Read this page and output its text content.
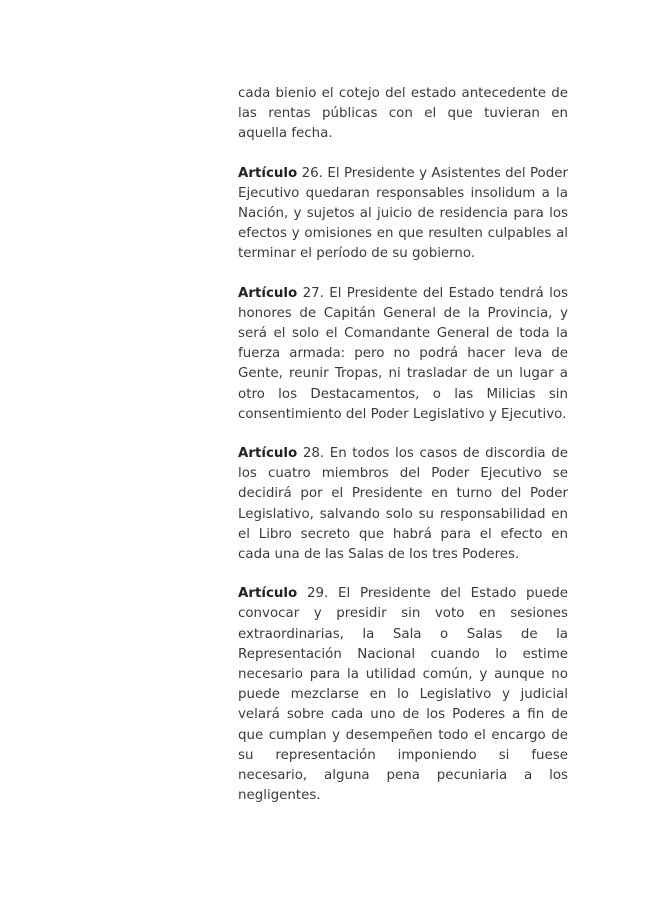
cada bienio el cotejo del estado antecedente de las rentas públicas con el que tuvieran en aquella fecha.

Artículo 26. El Presidente y Asistentes del Poder Ejecutivo quedaran responsables insolidum a la Nación, y sujetos al juicio de residencia para los efectos y omisiones en que resulten culpables al terminar el período de su gobierno.

Artículo 27. El Presidente del Estado tendrá los honores de Capitán General de la Provincia, y será el solo el Comandante General de toda la fuerza armada: pero no podrá hacer leva de Gente, reunir Tropas, ni trasladar de un lugar a otro los Destacamentos, o las Milicias sin consentimiento del Poder Legislativo y Ejecutivo.

Artículo 28. En todos los casos de discordia de los cuatro miembros del Poder Ejecutivo se decidirá por el Presidente en turno del Poder Legislativo, salvando solo su responsabilidad en el Libro secreto que habrá para el efecto en cada una de las Salas de los tres Poderes.

Artículo 29. El Presidente del Estado puede convocar y presidir sin voto en sesiones extraordinarias, la Sala o Salas de la Representación Nacional cuando lo estime necesario para la utilidad común, y aunque no puede mezclarse en lo Legislativo y judicial velará sobre cada uno de los Poderes a fin de que cumplan y desempeñen todo el encargo de su representación imponiendo si fuese necesario, alguna pena pecuniaria a los negligentes.
